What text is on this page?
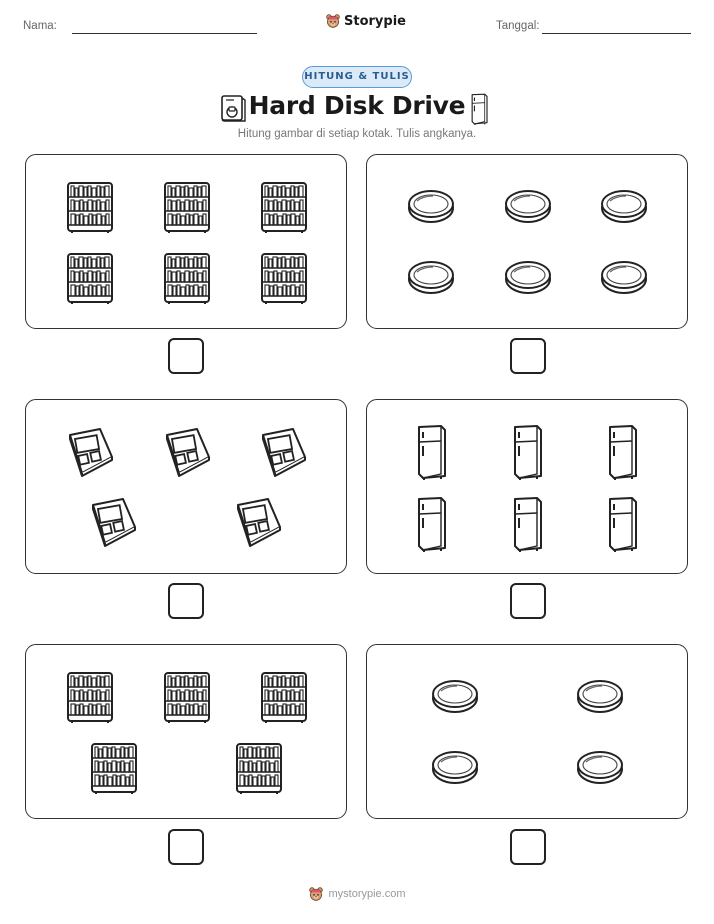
Nama:	Storypie	Tanggal:
HITUNG & TULIS
Hard Disk Drive
Hitung gambar di setiap kotak. Tulis angkanya.
mystorypie.com
